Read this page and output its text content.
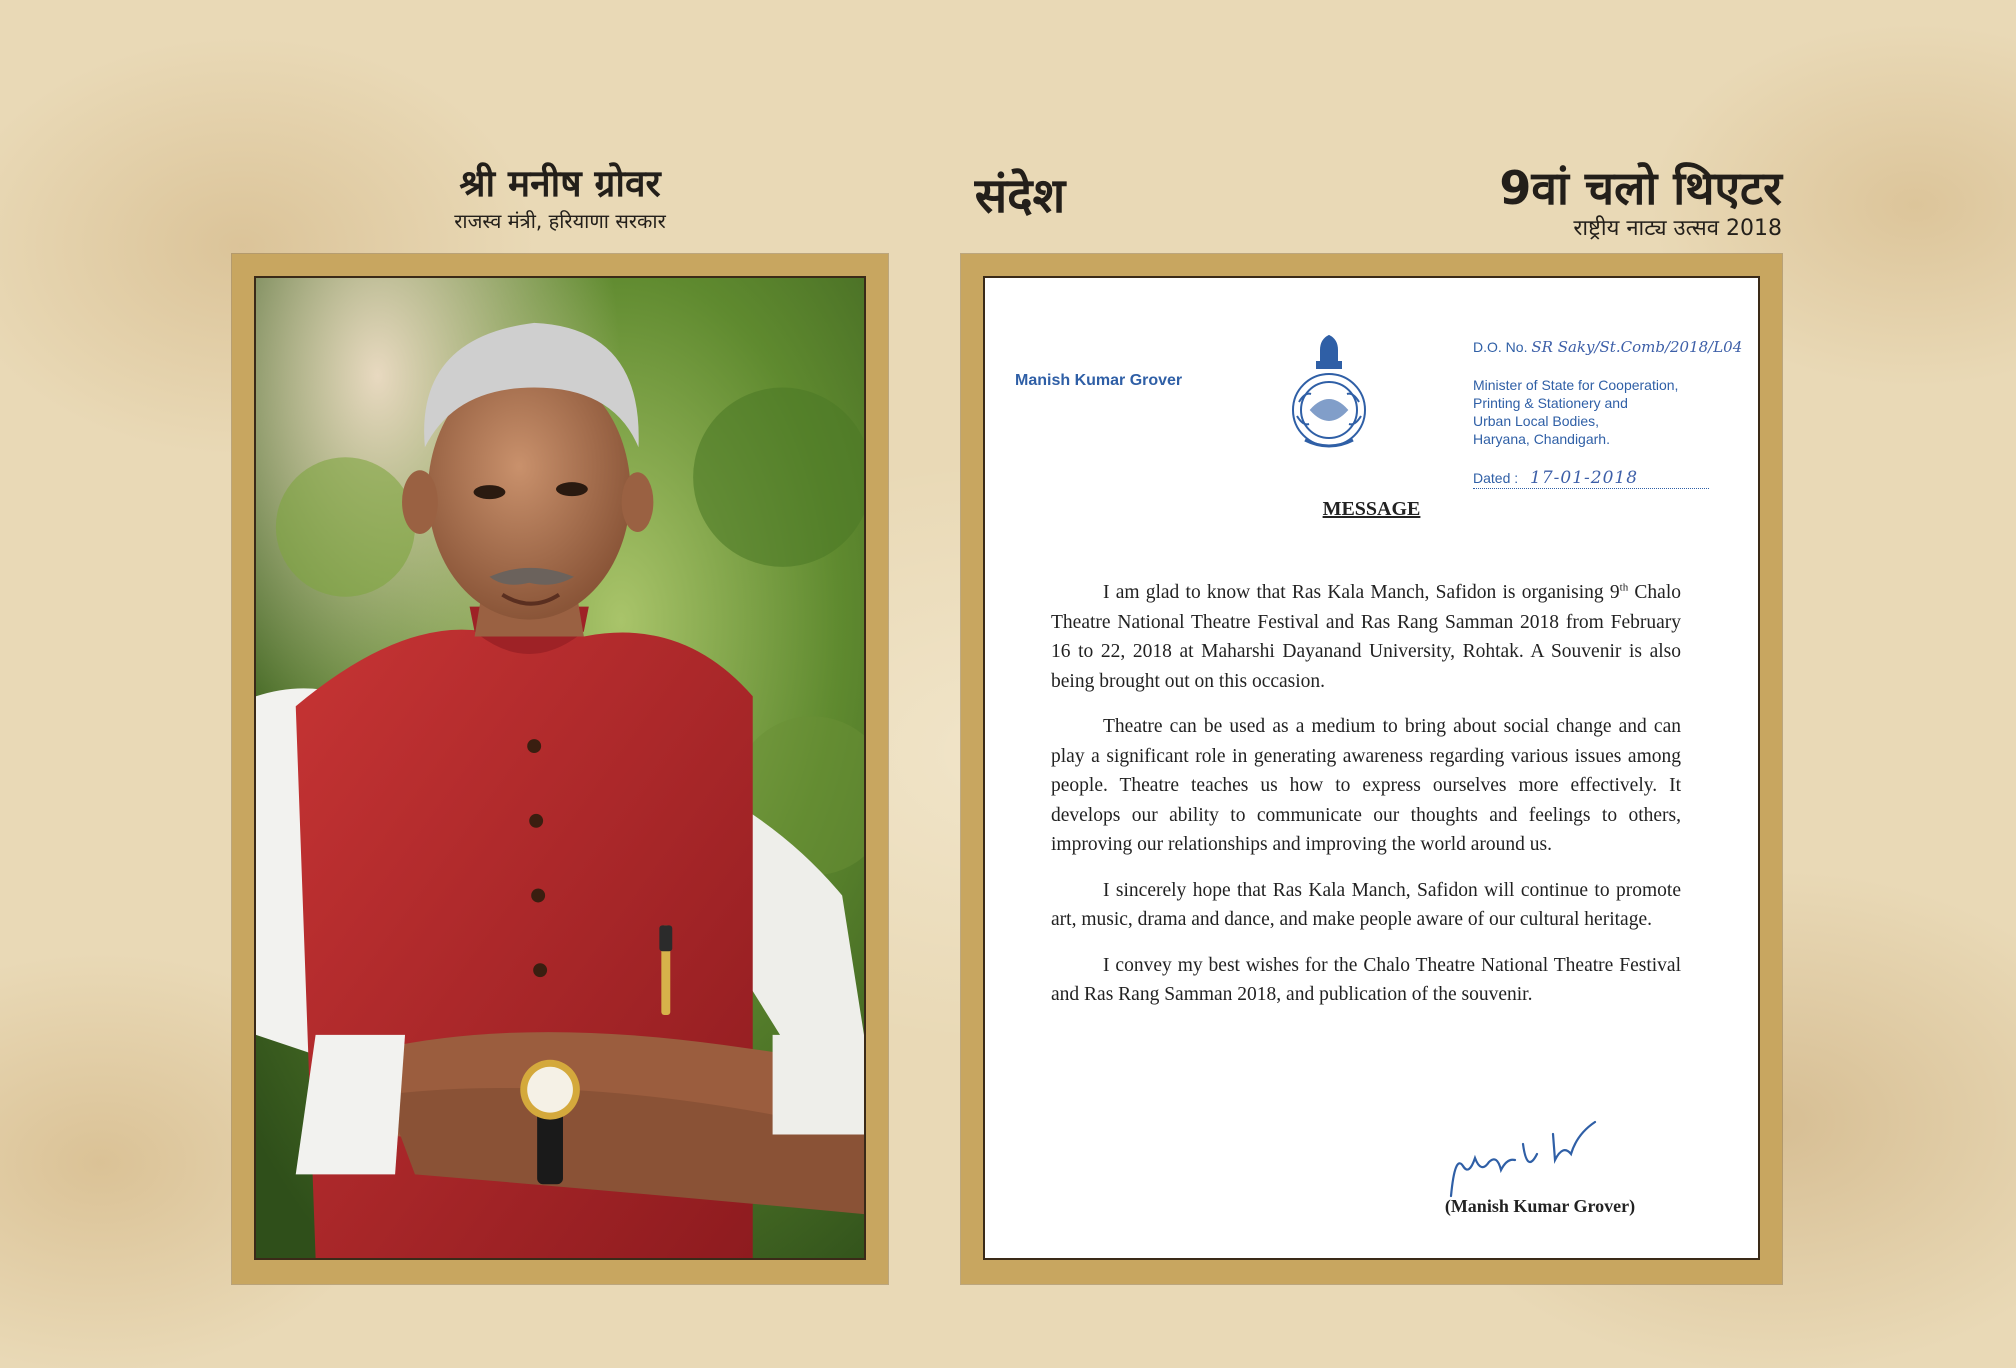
श्री मनीष ग्रोवर
राजस्व मंत्री, हरियाणा सरकार	संदेश	9वां चलो थिएटर
राष्ट्रीय नाट्य उत्सव 2018
Manish Kumar Grover
D.O. No. SR Saky/St.Comb/2018/L04
Minister of State for Cooperation,
Printing & Stationery and
Urban Local Bodies,
Haryana, Chandigarh.
Dated : 17-01-2018
MESSAGE

I am glad to know that Ras Kala Manch, Safidon is organising 9th Chalo Theatre National Theatre Festival and Ras Rang Samman 2018 from February 16 to 22, 2018 at Maharshi Dayanand University, Rohtak. A Souvenir is also being brought out on this occasion.

Theatre can be used as a medium to bring about social change and can play a significant role in generating awareness regarding various issues among people. Theatre teaches us how to express ourselves more effectively. It develops our ability to communicate our thoughts and feelings to others, improving our relationships and improving the world around us.

I sincerely hope that Ras Kala Manch, Safidon will continue to promote art, music, drama and dance, and make people aware of our cultural heritage.

I convey my best wishes for the Chalo Theatre National Theatre Festival and Ras Rang Samman 2018, and publication of the souvenir.

(Manish Kumar Grover)
